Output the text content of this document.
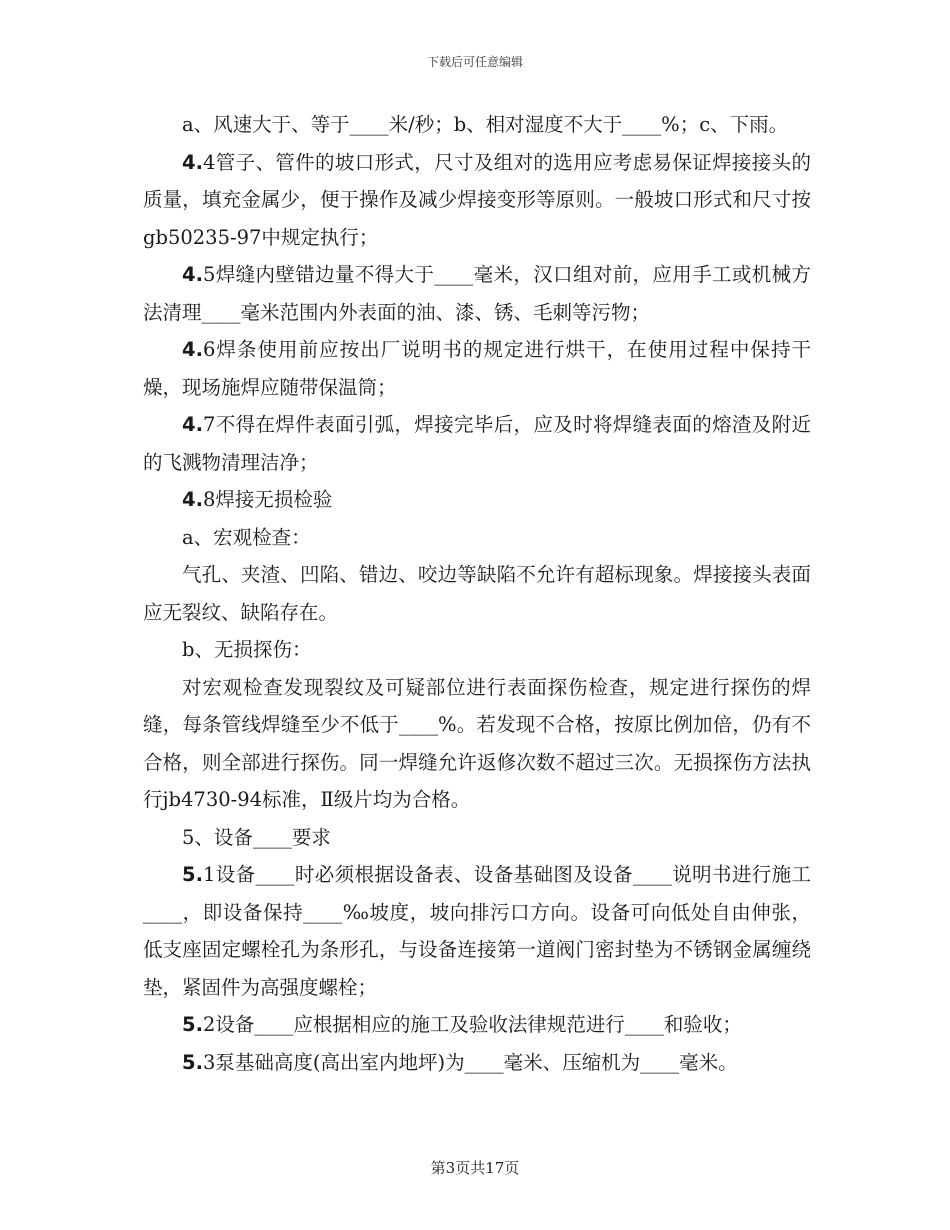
下载后可任意编辑

a、风速大于、等于____米/秒；b、相对湿度不大于____%；c、下雨。

4.4管子、管件的坡口形式，尺寸及组对的选用应考虑易保证焊接接头的质量，填充金属少，便于操作及减少焊接变形等原则。一般坡口形式和尺寸按gb50235-97中规定执行；

4.5焊缝内壁错边量不得大于____毫米，汉口组对前，应用手工或机械方法清理____毫米范围内外表面的油、漆、锈、毛刺等污物；

4.6焊条使用前应按出厂说明书的规定进行烘干，在使用过程中保持干燥，现场施焊应随带保温筒；

4.7不得在焊件表面引弧，焊接完毕后，应及时将焊缝表面的熔渣及附近的飞溅物清理洁净；

4.8焊接无损检验

a、宏观检查：

气孔、夹渣、凹陷、错边、咬边等缺陷不允许有超标现象。焊接接头表面应无裂纹、缺陷存在。

b、无损探伤：

对宏观检查发现裂纹及可疑部位进行表面探伤检查，规定进行探伤的焊缝，每条管线焊缝至少不低于____%。若发现不合格，按原比例加倍，仍有不合格，则全部进行探伤。同一焊缝允许返修次数不超过三次。无损探伤方法执行jb4730-94标准，Ⅱ级片均为合格。

5、设备____要求

5.1设备____时必须根据设备表、设备基础图及设备____说明书进行施工____，即设备保持____‰坡度，坡向排污口方向。设备可向低处自由伸张，低支座固定螺栓孔为条形孔，与设备连接第一道阀门密封垫为不锈钢金属缠绕垫，紧固件为高强度螺栓；

5.2设备____应根据相应的施工及验收法律规范进行____和验收；

5.3泵基础高度(高出室内地坪)为____毫米、压缩机为____毫米。

第3页共17页
